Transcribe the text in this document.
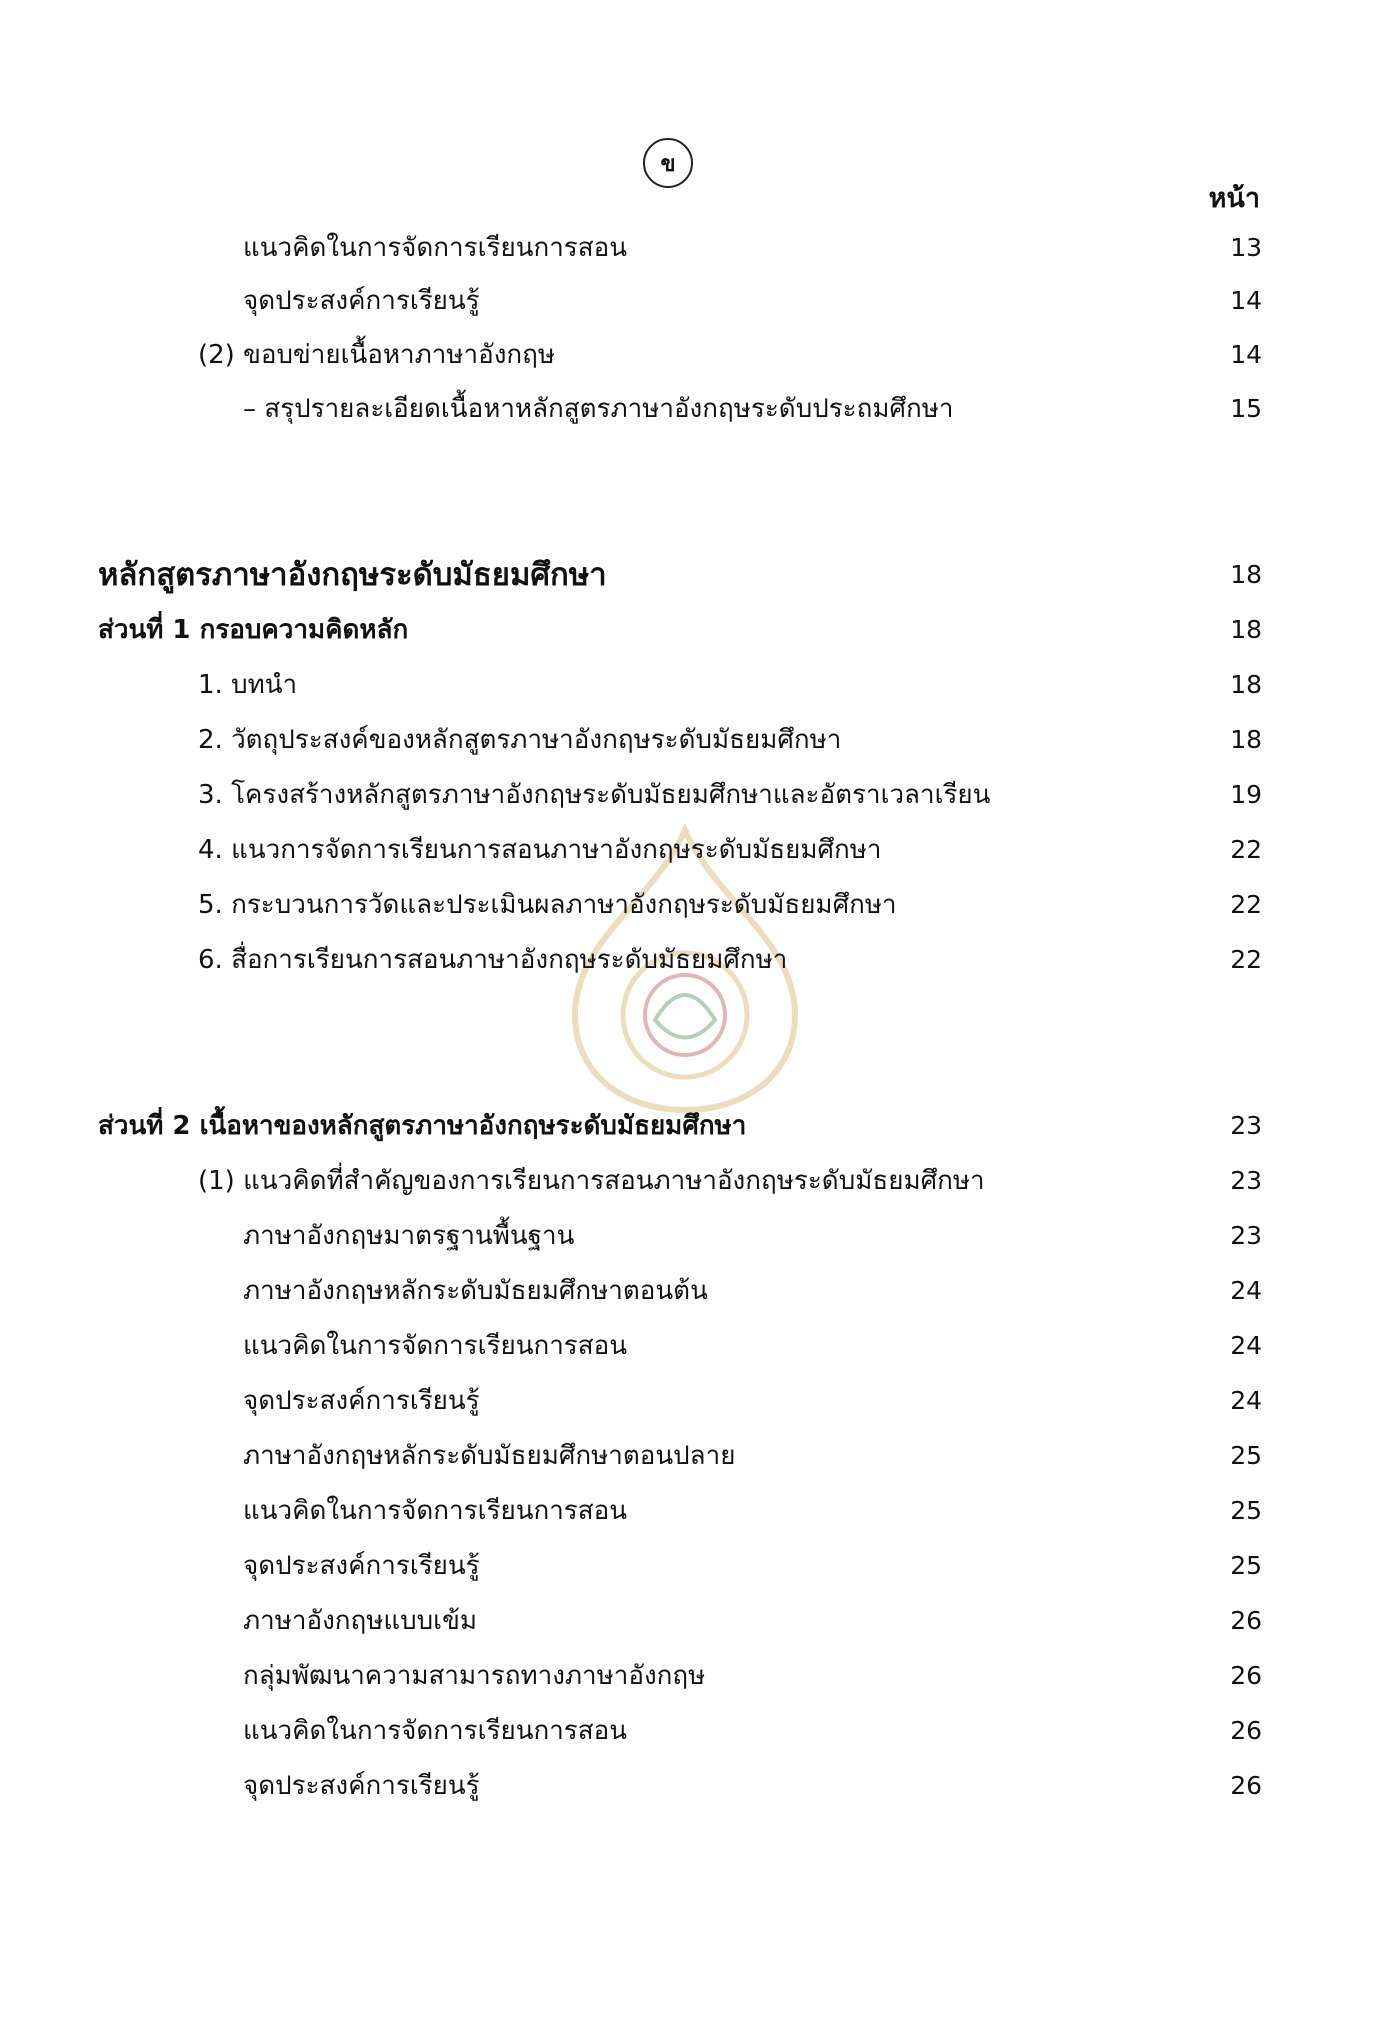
ข
หน้า
แนวคิดในการจัดการเรียนการสอน	13
จุดประสงค์การเรียนรู้	14
(2) ขอบข่ายเนื้อหาภาษาอังกฤษ	14
– สรุปรายละเอียดเนื้อหาหลักสูตรภาษาอังกฤษระดับประถมศึกษา	15
หลักสูตรภาษาอังกฤษระดับมัธยมศึกษา	18
ส่วนที่ 1 กรอบความคิดหลัก	18
1. บทนำ	18
2. วัตถุประสงค์ของหลักสูตรภาษาอังกฤษระดับมัธยมศึกษา	18
3. โครงสร้างหลักสูตรภาษาอังกฤษระดับมัธยมศึกษาและอัตราเวลาเรียน	19
4. แนวการจัดการเรียนการสอนภาษาอังกฤษระดับมัธยมศึกษา	22
5. กระบวนการวัดและประเมินผลภาษาอังกฤษระดับมัธยมศึกษา	22
6. สื่อการเรียนการสอนภาษาอังกฤษระดับมัธยมศึกษา	22
ส่วนที่ 2 เนื้อหาของหลักสูตรภาษาอังกฤษระดับมัธยมศึกษา	23
(1) แนวคิดที่สำคัญของการเรียนการสอนภาษาอังกฤษระดับมัธยมศึกษา	23
ภาษาอังกฤษมาตรฐานพื้นฐาน	23
ภาษาอังกฤษหลักระดับมัธยมศึกษาตอนต้น	24
แนวคิดในการจัดการเรียนการสอน	24
จุดประสงค์การเรียนรู้	24
ภาษาอังกฤษหลักระดับมัธยมศึกษาตอนปลาย	25
แนวคิดในการจัดการเรียนการสอน	25
จุดประสงค์การเรียนรู้	25
ภาษาอังกฤษแบบเข้ม	26
กลุ่มพัฒนาความสามารถทางภาษาอังกฤษ	26
แนวคิดในการจัดการเรียนการสอน	26
จุดประสงค์การเรียนรู้	26
